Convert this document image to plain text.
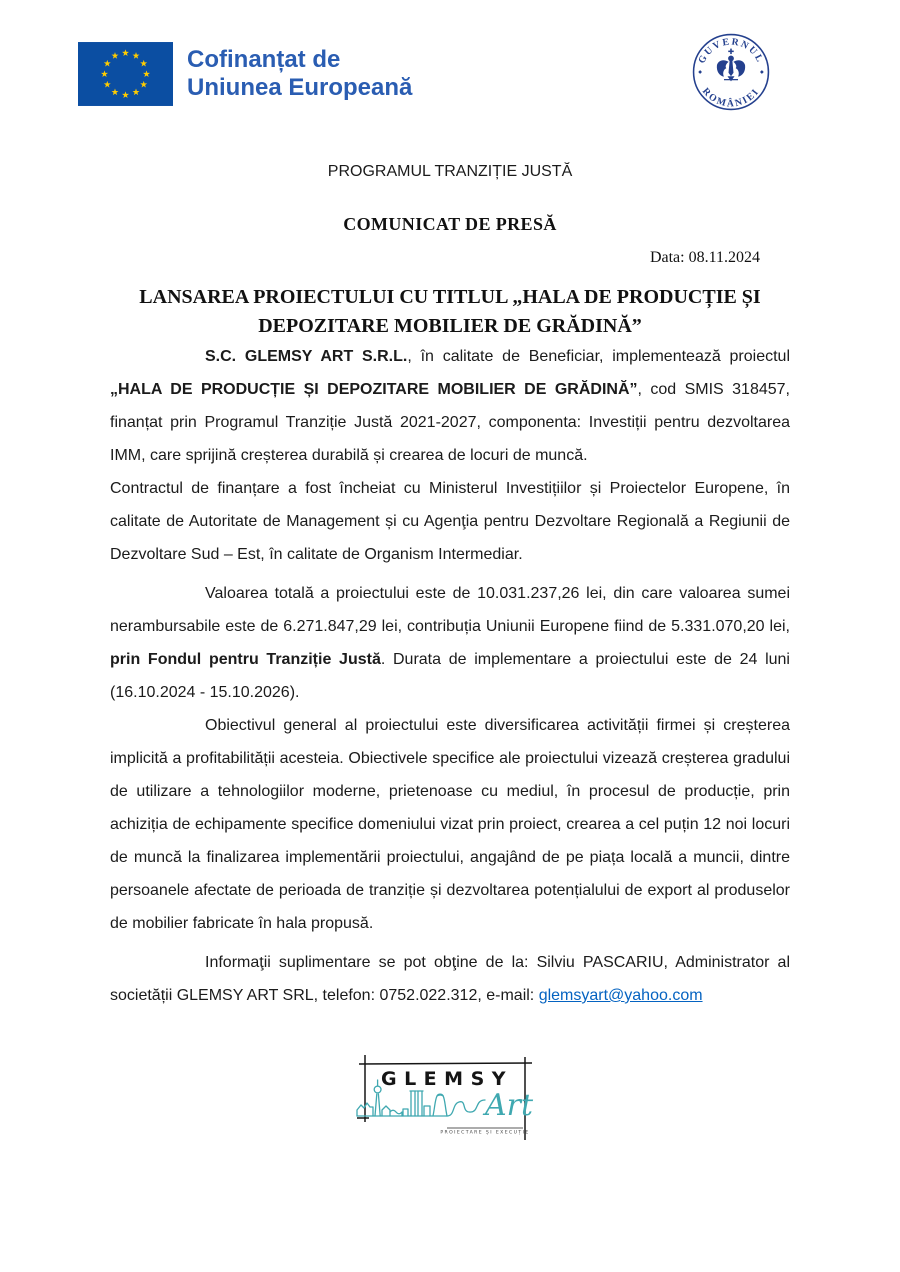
Cofinanțat de
Uniunea Europeană
GUVERNUL
ROMÂNIEI
PROGRAMUL TRANZIȚIE JUSTĂ
COMUNICAT DE PRESĂ
Data: 08.11.2024
LANSAREA PROIECTULUI CU TITLUL „HALA DE PRODUCȚIE ȘI
DEPOZITARE MOBILIER DE GRĂDINĂ”

S.C. GLEMSY ART S.R.L., în calitate de Beneficiar, implementează proiectul „HALA DE PRODUCȚIE ȘI DEPOZITARE MOBILIER DE GRĂDINĂ”, cod SMIS 318457, finanțat prin Programul Tranziție Justă 2021-2027, componenta: Investiții pentru dezvoltarea IMM, care sprijină creșterea durabilă și crearea de locuri de muncă.

Contractul de finanțare a fost încheiat cu Ministerul Investițiilor și Proiectelor Europene, în calitate de Autoritate de Management și cu Agenţia pentru Dezvoltare Regională a Regiunii de Dezvoltare Sud – Est, în calitate de Organism Intermediar.

Valoarea totală a proiectului este de 10.031.237,26 lei, din care valoarea sumei nerambursabile este de 6.271.847,29 lei, contribuția Uniunii Europene fiind de 5.331.070,20 lei, prin Fondul pentru Tranziție Justă. Durata de implementare a proiectului este de 24 luni (16.10.2024 - 15.10.2026).

Obiectivul general al proiectului este diversificarea activității firmei și creșterea implicită a profitabilității acesteia. Obiectivele specifice ale proiectului vizează creșterea gradului de utilizare a tehnologiilor moderne, prietenoase cu mediul, în procesul de producție, prin achiziția de echipamente specifice domeniului vizat prin proiect, crearea a cel puțin 12 noi locuri de muncă la finalizarea implementării proiectului, angajând de pe piața locală a muncii, dintre persoanele afectate de perioada de tranziție și dezvoltarea potențialului de export al produselor de mobilier fabricate în hala propusă.

Informaţii suplimentare se pot obţine de la: Silviu PASCARIU, Administrator al societății GLEMSY ART SRL, telefon: 0752.022.312, e-mail: glemsyart@yahoo.com

GLEMSY
Art
PROIECTARE ȘI EXECUȚIE
